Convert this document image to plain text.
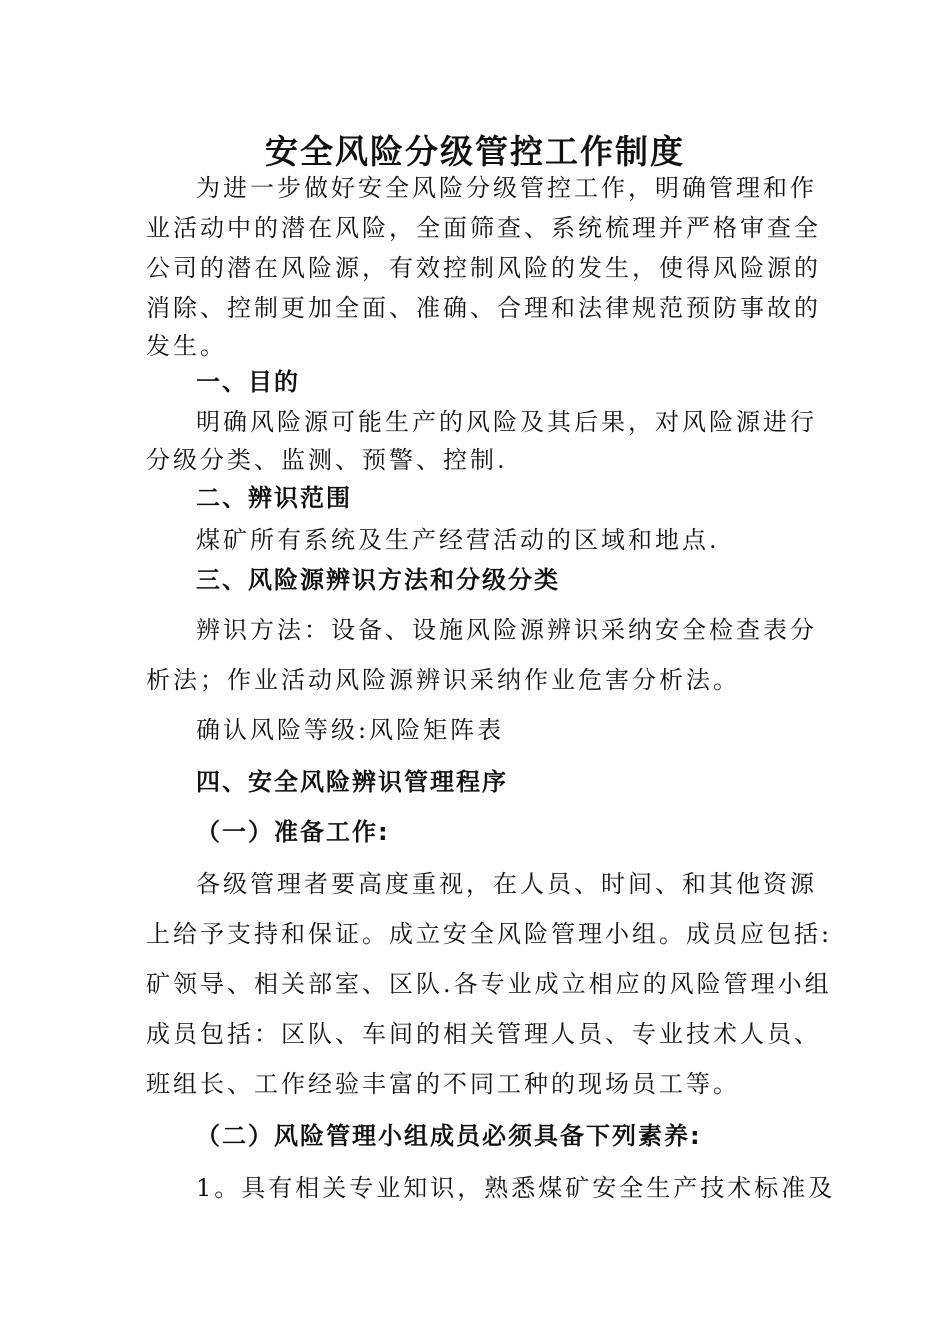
安全风险分级管控工作制度
为进一步做好安全风险分级管控工作，明确管理和作
业活动中的潜在风险，全面筛查、系统梳理并严格审查全
公司的潜在风险源，有效控制风险的发生，使得风险源的
消除、控制更加全面、准确、合理和法律规范预防事故的
发生。
一、目的
明确风险源可能生产的风险及其后果，对风险源进行
分级分类、监测、预警、控制.
二、辨识范围
煤矿所有系统及生产经营活动的区域和地点.
三、风险源辨识方法和分级分类
辨识方法：设备、设施风险源辨识采纳安全检查表分
析法；作业活动风险源辨识采纳作业危害分析法。
确认风险等级:风险矩阵表
四、安全风险辨识管理程序
（一）准备工作:
各级管理者要高度重视，在人员、时间、和其他资源
上给予支持和保证。成立安全风险管理小组。成员应包括:
矿领导、相关部室、区队.各专业成立相应的风险管理小组
成员包括：区队、车间的相关管理人员、专业技术人员、
班组长、工作经验丰富的不同工种的现场员工等。
（二）风险管理小组成员必须具备下列素养:
1。具有相关专业知识，熟悉煤矿安全生产技术标准及
